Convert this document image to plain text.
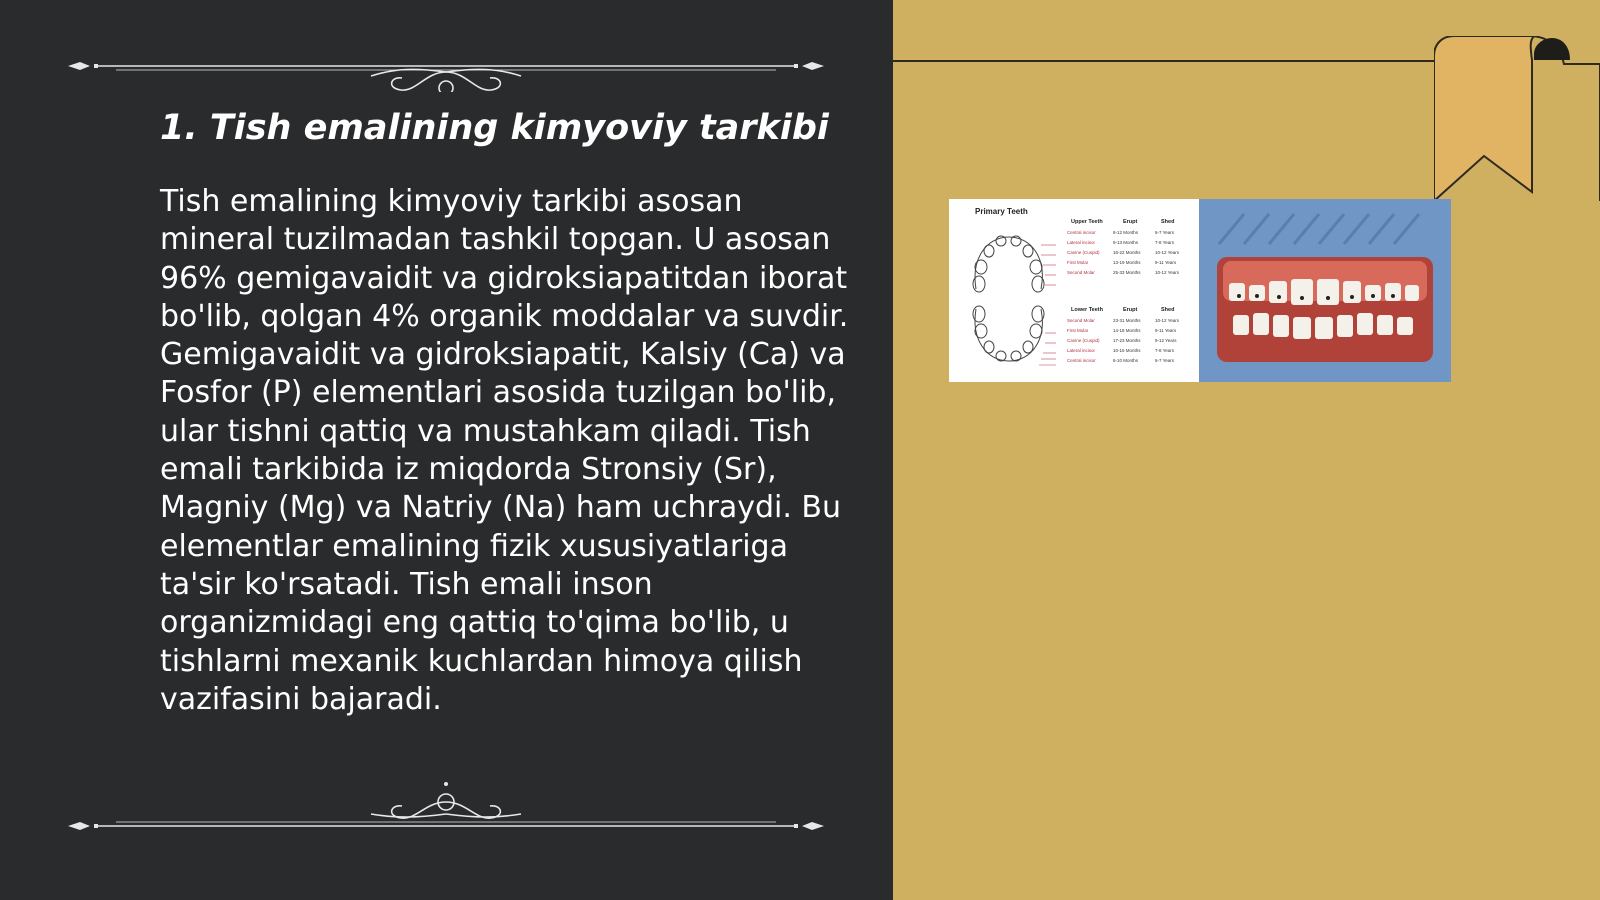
1. Tish emalining kimyoviy tarkibi

Tish emalining kimyoviy tarkibi asosan mineral tuzilmadan tashkil topgan. U asosan 96% gemigavaidit va gidroksiapatitdan iborat bo'lib, qolgan 4% organik moddalar va suvdir. Gemigavaidit va gidroksiapatit, Kalsiy (Ca) va Fosfor (P) elementlari asosida tuzilgan bo'lib, ular tishni qattiq va mustahkam qiladi. Tish emali tarkibida iz miqdorda Stronsiy (Sr), Magniy (Mg) va Natriy (Na) ham uchraydi. Bu elementlar emalining fizik xususiyatlariga ta'sir ko'rsatadi. Tish emali inson organizmidagi eng qattiq to'qima bo'lib, u tishlarni mexanik kuchlardan himoya qilish vazifasini bajaradi.

Primary Teeth
Upper Teeth	Erupt	Shed
Central incisor	8-12 Months	6-7 Years
Lateral incisor	9-13 Months	7-8 Years
Canine (Cuspid)	16-22 Months	10-12 Years
First Molar	13-19 Months	9-11 Years
Second Molar	25-33 Months	10-12 Years
Lower Teeth	Erupt	Shed
Second Molar	23-31 Months	10-12 Years
First Molar	14-18 Months	9-11 Years
Canine (Cuspid)	17-23 Months	9-12 Years
Lateral incisor	10-16 Months	7-8 Years
Central incisor	6-10 Months	6-7 Years
